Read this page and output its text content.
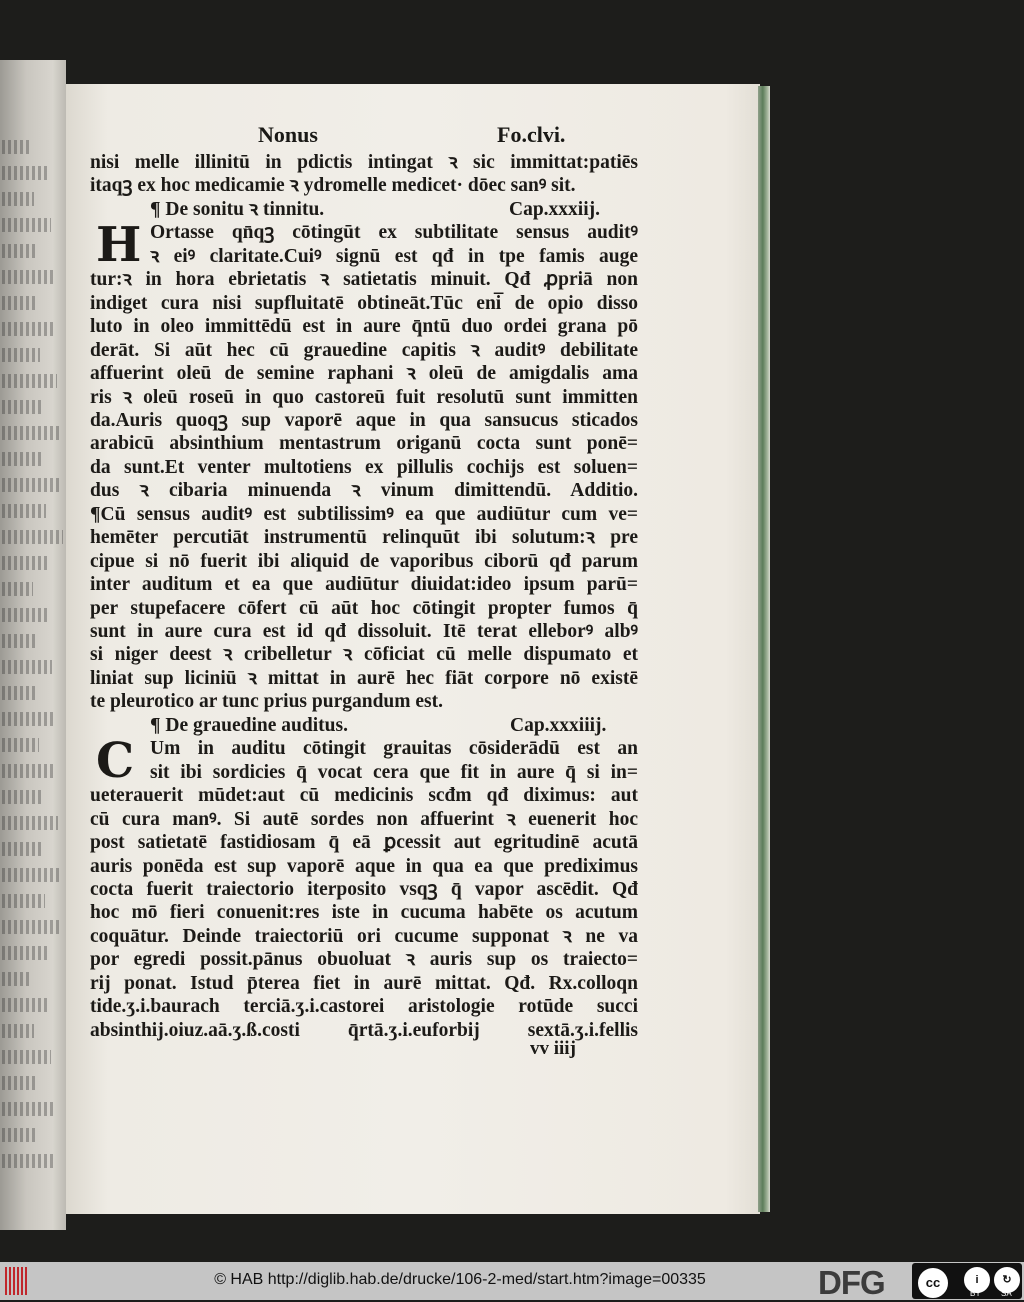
Nonus	Fo.clvi.
nisi melle illinitū in pdictis intingat ꝛ sic immittat:patiēs
itaqꝫ ex hoc medicamie ꝛ ydromelle medicet· dōec sanꝰ sit.
Ortasse qn̄qꝫ cōtingūt ex subtilitate sensus auditꝰ
ꝛ eiꝰ claritate.Cuiꝰ signū est qđ in tpe famis auge
tur:ꝛ in hora ebrietatis ꝛ satietatis minuit. Qđ ꝓpriā non
indiget cura nisi supfluitatē obtineāt.Tūc eni̅ de opio disso
luto in oleo immittēdū est in aure q̄ntū duo ordei grana pō
derāt. Si aūt hec cū grauedine capitis ꝛ auditꝰ debilitate
affuerint oleū de semine raphani ꝛ oleū de amigdalis ama
ris ꝛ oleū roseū in quo castoreū fuit resolutū sunt immitten
da.Auris quoqꝫ sup vaporē aque in qua sansucus sticados
arabicū absinthium mentastrum origanū cocta sunt ponē=
da sunt.Et venter multotiens ex pillulis cochijs est soluen=
dus ꝛ cibaria minuenda ꝛ vinum dimittendū. Additio.
¶Cū sensus auditꝰ est subtilissimꝰ ea que audiūtur cum ve=
hemēter percutiāt instrumentū relinquūt ibi solutum:ꝛ pre
cipue si nō fuerit ibi aliquid de vaporibus ciborū qđ parum
inter auditum et ea que audiūtur diuidat:ideo ipsum parū=
per stupefacere cōfert cū aūt hoc cōtingit propter fumos q̄
sunt in aure cura est id qđ dissoluit. Itē terat elleborꝰ albꝰ
si niger deest ꝛ cribelletur ꝛ cōficiat cū melle dispumato et
liniat sup liciniū ꝛ mittat in aurē hec fiāt corpore nō existē
te pleurotico ar tunc prius purgandum est.
Um in auditu cōtingit grauitas cōsiderādū est an
sit ibi sordicies q̄ vocat cera que fit in aure q̄ si in=
ueterauerit mūdet:aut cū medicinis scđm qđ diximus: aut
cū cura manꝰ. Si autē sordes non affuerint ꝛ euenerit hoc
post satietatē fastidiosam q̄ eā ꝑcessit aut egritudinē acutā
auris ponēda est sup vaporē aque in qua ea que prediximus
cocta fuerit traiectorio iterposito vsqꝫ q̄ vapor ascēdit. Qđ
hoc mō fieri conuenit:res iste in cucuma habēte os acutum
coquātur. Deinde traiectoriū ori cucume supponat ꝛ ne va
por egredi possit.pānus obuoluat ꝛ auris sup os traiecto=
rij ponat. Istud p̄terea fiet in aurē mittat. Qđ. Rx.colloqn
tide.ʒ.i.baurach terciā.ʒ.i.castorei aristologie rotūde succi
absinthij.oiuz.aā.ʒ.ß.costi q̄rtā.ʒ.i.euforbij sextā.ʒ.i.fellis
H
¶ De sonitu ꝛ tinnitu.	Cap.xxxiij.
C
¶ De grauedine auditus.	Cap.xxxiiij.
vv iiij
© HAB http://diglib.hab.de/drucke/106-2-med/start.htm?image=00335	DFG	cc	i	↻
BY	SA
